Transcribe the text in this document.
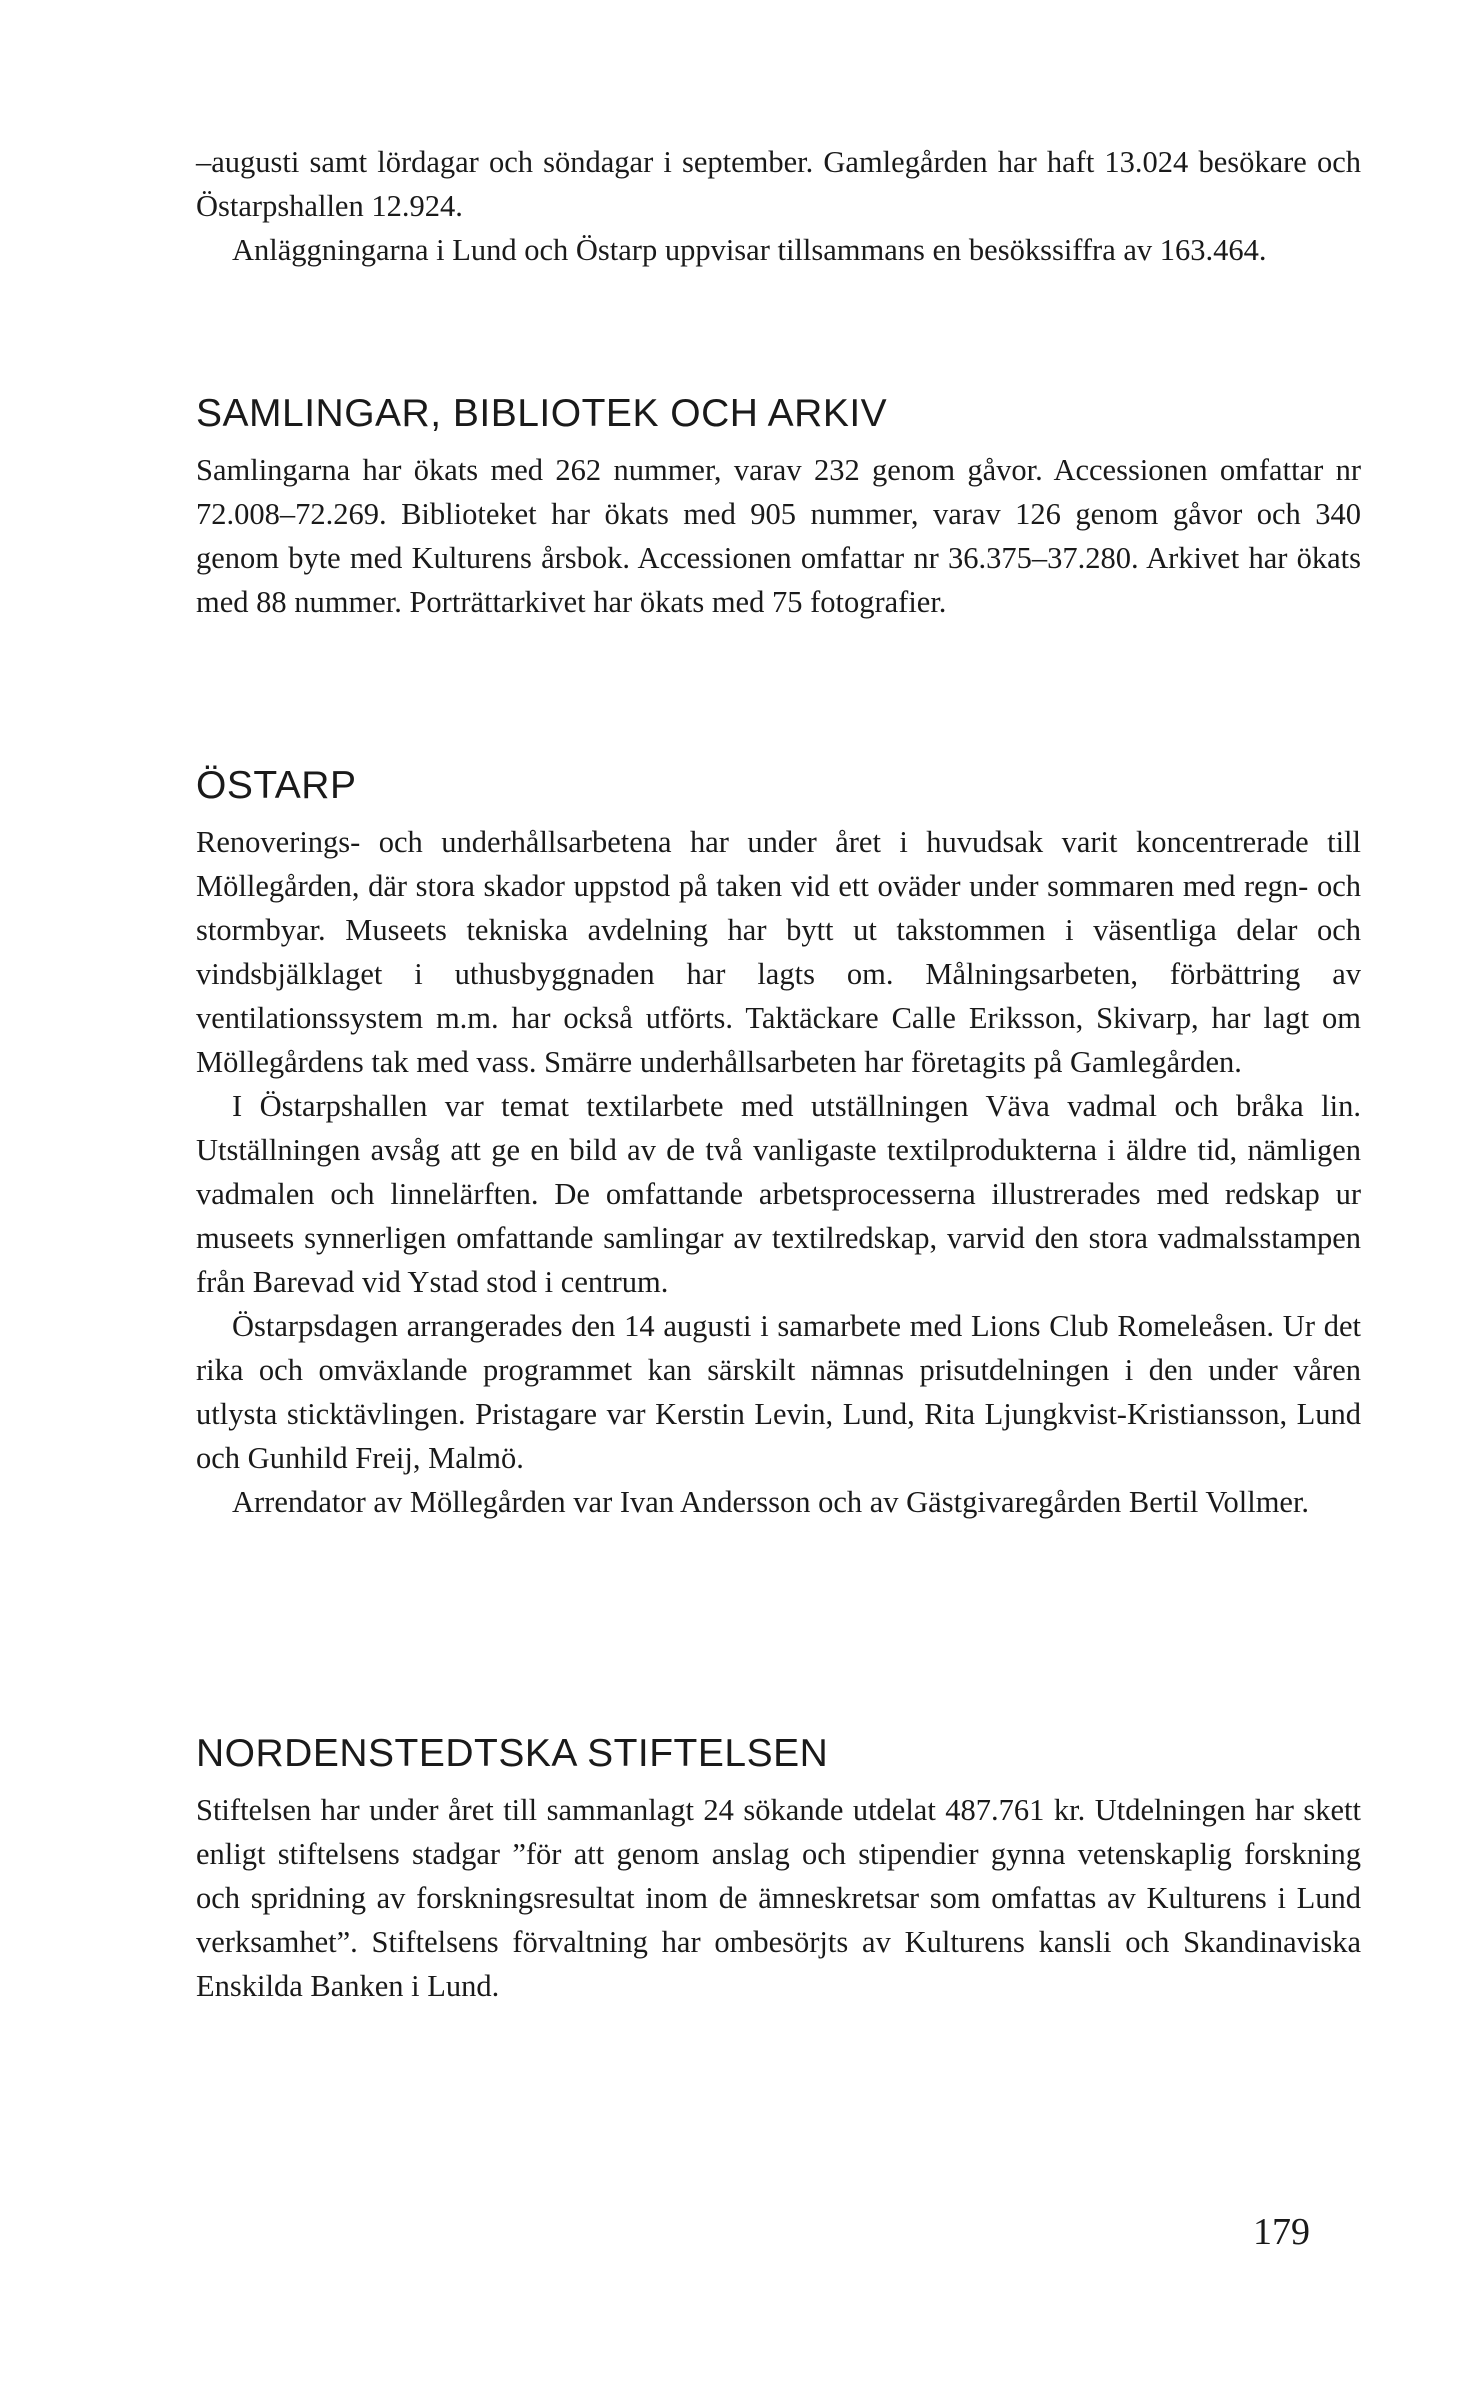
–augusti samt lördagar och söndagar i september. Gamlegården har haft 13.024 besökare och Östarpshallen 12.924.

Anläggningarna i Lund och Östarp uppvisar tillsammans en besökssiffra av 163.464.

SAMLINGAR, BIBLIOTEK OCH ARKIV

Samlingarna har ökats med 262 nummer, varav 232 genom gåvor. Accessionen omfattar nr 72.008–72.269. Biblioteket har ökats med 905 nummer, varav 126 genom gåvor och 340 genom byte med Kulturens årsbok. Accessionen omfattar nr 36.375–37.280. Arkivet har ökats med 88 nummer. Porträttarkivet har ökats med 75 fotografier.

ÖSTARP

Renoverings- och underhållsarbetena har under året i huvudsak varit koncentrerade till Möllegården, där stora skador uppstod på taken vid ett oväder under sommaren med regn- och stormbyar. Museets tekniska avdelning har bytt ut takstommen i väsentliga delar och vindsbjälklaget i uthusbyggnaden har lagts om. Målningsarbeten, förbättring av ventilationssystem m.m. har också utförts. Taktäckare Calle Eriksson, Skivarp, har lagt om Möllegårdens tak med vass. Smärre underhållsarbeten har företagits på Gamlegården.

I Östarpshallen var temat textilarbete med utställningen Väva vadmal och bråka lin. Utställningen avsåg att ge en bild av de två vanligaste textilprodukterna i äldre tid, nämligen vadmalen och linnelärften. De omfattande arbetsprocesserna illustrerades med redskap ur museets synnerligen omfattande samlingar av textilredskap, varvid den stora vadmalsstampen från Barevad vid Ystad stod i centrum.

Östarpsdagen arrangerades den 14 augusti i samarbete med Lions Club Romeleåsen. Ur det rika och omväxlande programmet kan särskilt nämnas prisutdelningen i den under våren utlysta sticktävlingen. Pristagare var Kerstin Levin, Lund, Rita Ljungkvist-Kristiansson, Lund och Gunhild Freij, Malmö.

Arrendator av Möllegården var Ivan Andersson och av Gästgivaregården Bertil Vollmer.

NORDENSTEDTSKA STIFTELSEN

Stiftelsen har under året till sammanlagt 24 sökande utdelat 487.761 kr. Utdelningen har skett enligt stiftelsens stadgar ”för att genom anslag och stipendier gynna vetenskaplig forskning och spridning av forskningsresultat inom de ämneskretsar som omfattas av Kulturens i Lund verksamhet”. Stiftelsens förvaltning har ombesörjts av Kulturens kansli och Skandinaviska Enskilda Banken i Lund.

179
